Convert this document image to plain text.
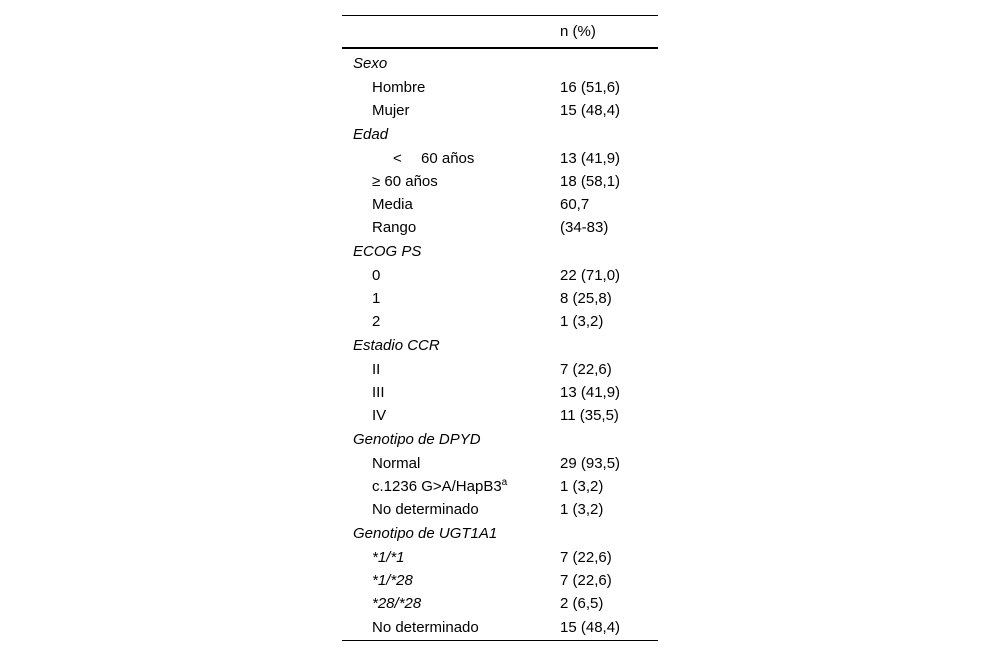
	n (%)
Sexo	
Hombre	16 (51,6)
Mujer	15 (48,4)
Edad	
< 60 años	13 (41,9)
≥ 60 años	18 (58,1)
Media	60,7
Rango	(34-83)
ECOG PS	
0	22 (71,0)
1	8 (25,8)
2	1 (3,2)
Estadio CCR	
II	7 (22,6)
III	13 (41,9)
IV	11 (35,5)
Genotipo de DPYD	
Normal	29 (93,5)
c.1236 $G>A/HapB3^a$	1 (3,2)
No determinado	1 (3,2)
Genotipo de UGT1A1	
*1/*1	7 (22,6)
*1/*28	7 (22,6)
*28/*28	2 (6,5)
No determinado	15 (48,4)
